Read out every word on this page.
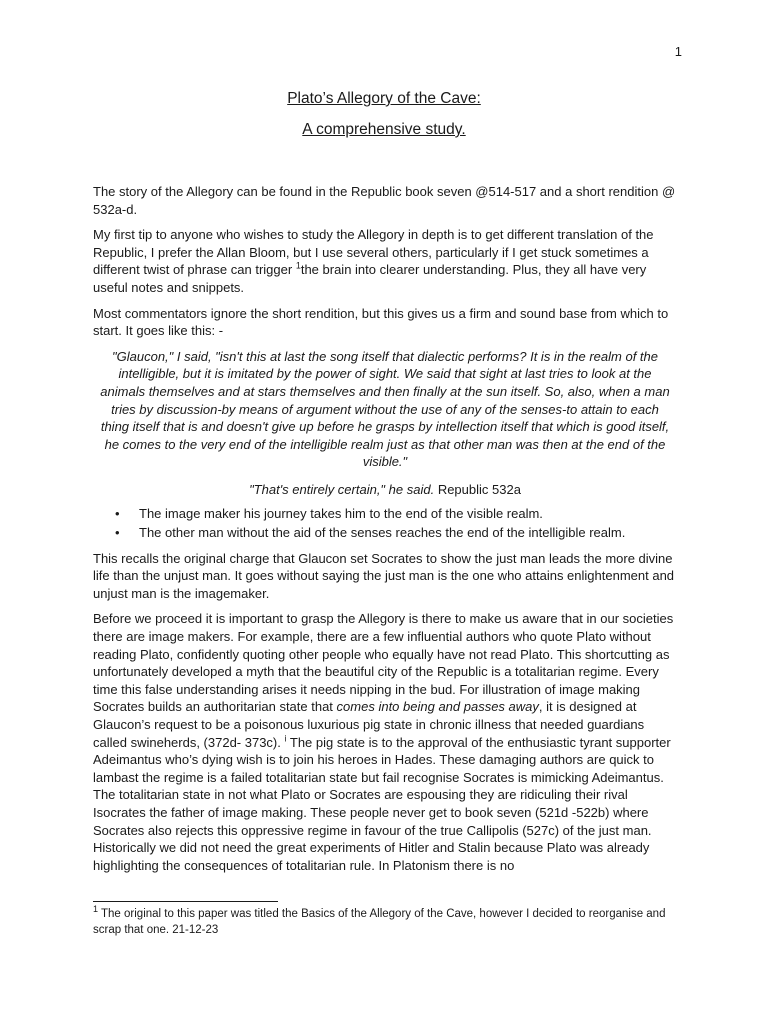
1

Plato’s Allegory of the Cave:

A comprehensive study.

The story of the Allegory can be found in the Republic book seven @514-517 and a short rendition @ 532a-d.

My first tip to anyone who wishes to study the Allegory in depth is to get different translation of the Republic, I prefer the Allan Bloom, but I use several others, particularly if I get stuck sometimes a different twist of phrase can trigger $^1$the brain into clearer understanding. Plus, they all have very useful notes and snippets.

Most commentators ignore the short rendition, but this gives us a firm and sound base from which to start. It goes like this: -

"Glaucon," I said, "isn't this at last the song itself that dialectic performs? It is in the realm of the intelligible, but it is imitated by the power of sight. We said that sight at last tries to look at the animals themselves and at stars themselves and then finally at the sun itself. So, also, when a man tries by discussion-by means of argument without the use of any of the senses-to attain to each thing itself that is and doesn't give up before he grasps by intellection itself that which is good itself, he comes to the very end of the intelligible realm just as that other man was then at the end of the visible."

"That's entirely certain," he said. Republic 532a

• The image maker his journey takes him to the end of the visible realm.
• The other man without the aid of the senses reaches the end of the intelligible realm.

This recalls the original charge that Glaucon set Socrates to show the just man leads the more divine life than the unjust man. It goes without saying the just man is the one who attains enlightenment and unjust man is the imagemaker.

Before we proceed it is important to grasp the Allegory is there to make us aware that in our societies there are image makers. For example, there are a few influential authors who quote Plato without reading Plato, confidently quoting other people who equally have not read Plato. This shortcutting as unfortunately developed a myth that the beautiful city of the Republic is a totalitarian regime. Every time this false understanding arises it needs nipping in the bud. For illustration of image making Socrates builds an authoritarian state that comes into being and passes away, it is designed at Glaucon’s request to be a poisonous luxurious pig state in chronic illness that needed guardians called swineherds, (372d- 373c). $^i$ The pig state is to the approval of the enthusiastic tyrant supporter Adeimantus who’s dying wish is to join his heroes in Hades. These damaging authors are quick to lambast the regime is a failed totalitarian state but fail recognise Socrates is mimicking Adeimantus. The totalitarian state in not what Plato or Socrates are espousing they are ridiculing their rival Isocrates the father of image making. These people never get to book seven (521d -522b) where Socrates also rejects this oppressive regime in favour of the true Callipolis (527c) of the just man. Historically we did not need the great experiments of Hitler and Stalin because Plato was already highlighting the consequences of totalitarian rule. In Platonism there is no

$^1$ The original to this paper was titled the Basics of the Allegory of the Cave, however I decided to reorganise and scrap that one. 21-12-23
